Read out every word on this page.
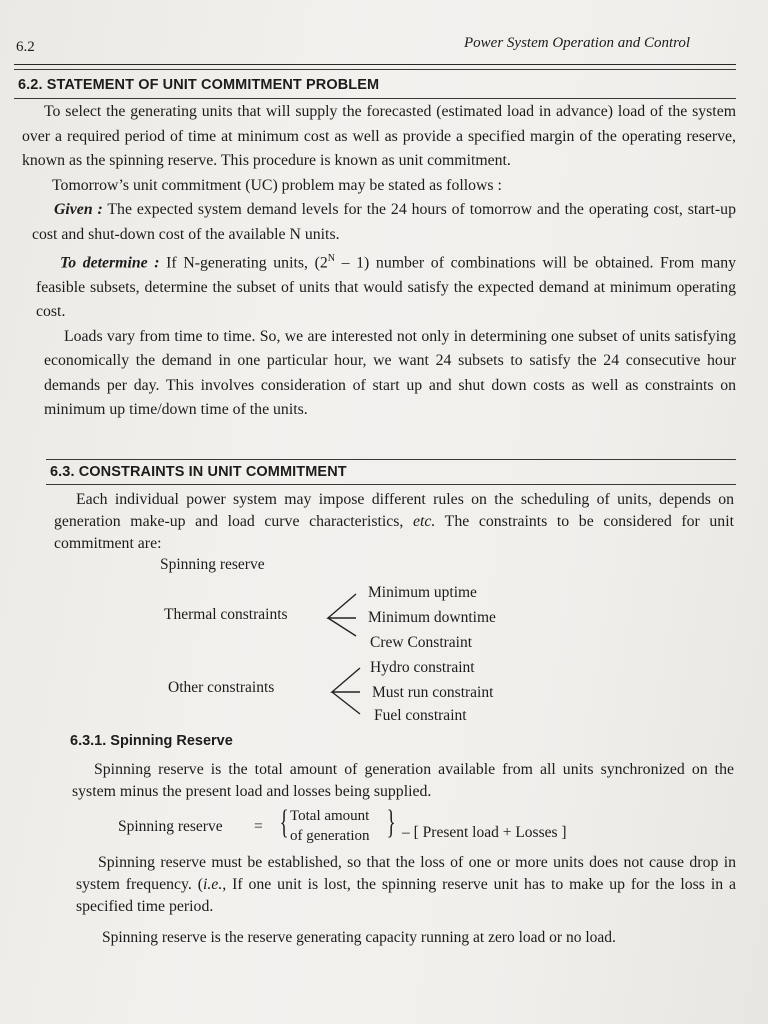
6.2	Power System Operation and Control
6.2. STATEMENT OF UNIT COMMITMENT PROBLEM

To select the generating units that will supply the forecasted (estimated load in advance) load of the system over a required period of time at minimum cost as well as provide a specified margin of the operating reserve, known as the spinning reserve. This procedure is known as unit commitment.

Tomorrow’s unit commitment (UC) problem may be stated as follows :

Given : The expected system demand levels for the 24 hours of tomorrow and the operating cost, start-up cost and shut-down cost of the available N units.

To determine : If N-generating units, $(2^N - 1)$ number of combinations will be obtained. From many feasible subsets, determine the subset of units that would satisfy the expected demand at minimum operating cost.

Loads vary from time to time. So, we are interested not only in determining one subset of units satisfying economically the demand in one particular hour, we want 24 subsets to satisfy the 24 consecutive hour demands per day. This involves consideration of start up and shut down costs as well as constraints on minimum up time/down time of the units.

6.3. CONSTRAINTS IN UNIT COMMITMENT

Each individual power system may impose different rules on the scheduling of units, depends on generation make-up and load curve characteristics, etc. The constraints to be considered for unit commitment are:

Spinning reserve
Thermal constraints
Minimum uptime
Minimum downtime
Crew Constraint
Other constraints
Hydro constraint
Must run constraint
Fuel constraint
6.3.1. Spinning Reserve

Spinning reserve is the total amount of generation available from all units synchronized on the system minus the present load and losses being supplied.

Spinning reserve = { Total amount
of generation } – [ Present load + Losses ]

Spinning reserve must be established, so that the loss of one or more units does not cause drop in system frequency. (i.e., If one unit is lost, the spinning reserve unit has to make up for the loss in a specified time period.

Spinning reserve is the reserve generating capacity running at zero load or no load.
